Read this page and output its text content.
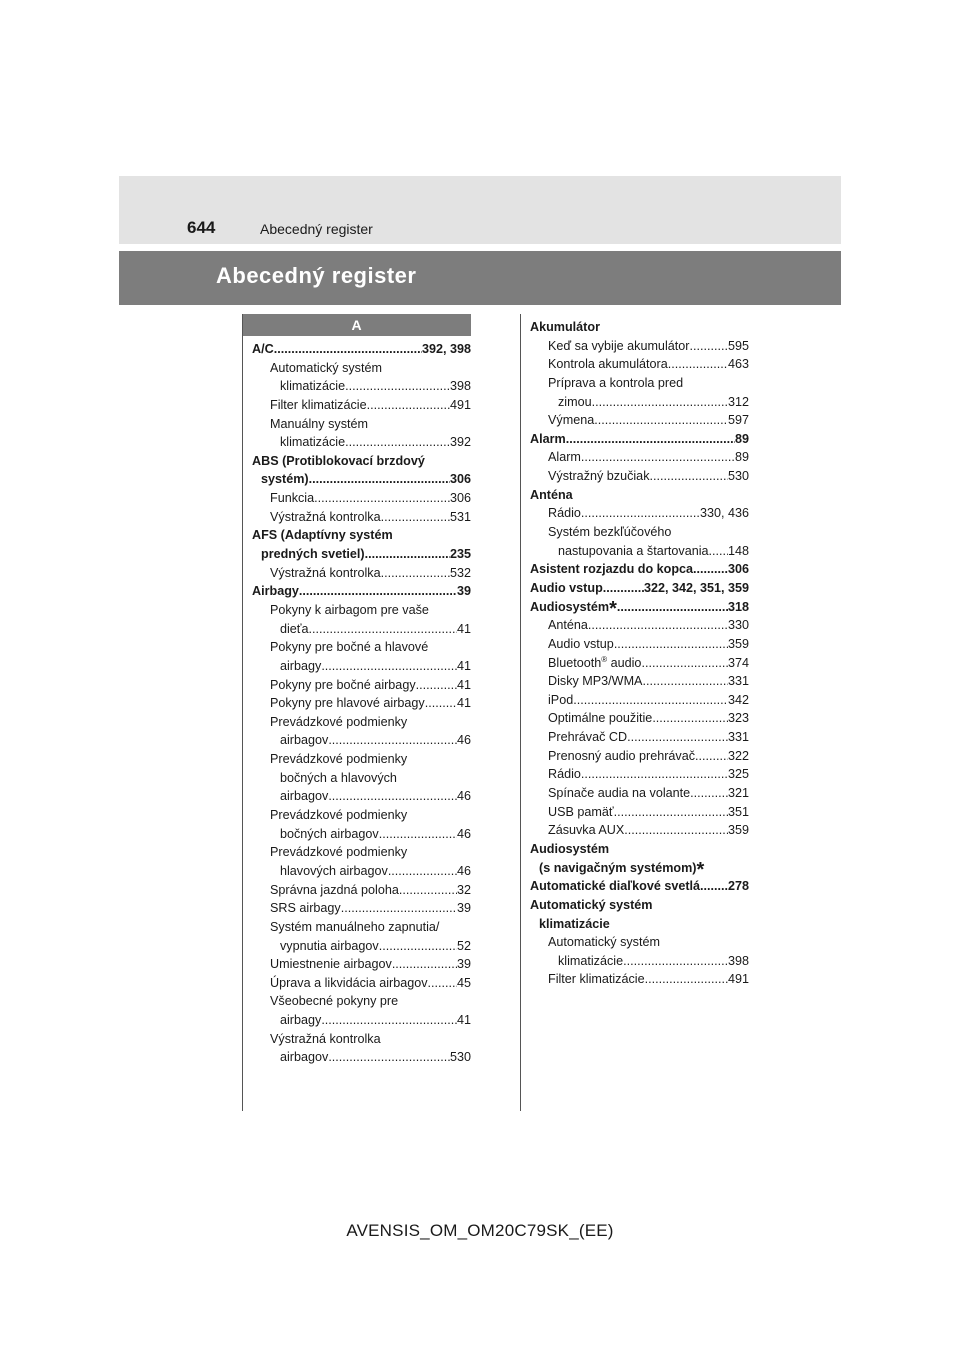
644	Abecedný register
Abecedný register
A
A/C .....	392, 398
Automatický systém
klimatizácie .....	398
Filter klimatizácie .....	491
Manuálny systém
klimatizácie .....	392
ABS (Protiblokovací brzdový
systém) .....	306
Funkcia .....	306
Výstražná kontrolka .....	531
AFS (Adaptívny systém
predných svetiel) .....	235
Výstražná kontrolka .....	532
Airbagy .....	39
Pokyny k airbagom pre vaše
dieťa .....	41
Pokyny pre bočné a hlavové
airbagy .....	41
Pokyny pre bočné airbagy .....	41
Pokyny pre hlavové airbagy .....	41
Prevádzkové podmienky
airbagov .....	46
Prevádzkové podmienky
bočných a hlavových
airbagov .....	46
Prevádzkové podmienky
bočných airbagov .....	46
Prevádzkové podmienky
hlavových airbagov .....	46
Správna jazdná poloha .....	32
SRS airbagy .....	39
Systém manuálneho zapnutia/
vypnutia airbagov .....	52
Umiestnenie airbagov .....	39
Úprava a likvidácia airbagov ..... 45
Všeobecné pokyny pre
airbagy .....	41
Výstražná kontrolka
airbagov .....	530
Akumulátor
Keď sa vybije akumulátor .....	595
Kontrola akumulátora .....	463
Príprava a kontrola pred
zimou .....	312
Výmena .....	597
Alarm .....	89
Alarm .....	89
Výstražný bzučiak .....	530
Anténa
Rádio .....	330, 436
Systém bezkľúčového
nastupovania a štartovania ..... 148
Asistent rozjazdu do kopca .....	306
Audio vstup .....	322, 342, 351, 359
Audiosystém* .....	318
Anténa .....	330
Audio vstup .....	359
Bluetooth® audio .....	374
Disky MP3/WMA .....	331
iPod .....	342
Optimálne použitie .....	323
Prehrávač CD .....	331
Prenosný audio prehrávač .....	322
Rádio .....	325
Spínače audia na volante .....	321
USB pamäť .....	351
Zásuvka AUX .....	359
Audiosystém
(s navigačným systémom)*
Automatické diaľkové svetlá ..... 278
Automatický systém
klimatizácie
Automatický systém
klimatizácie .....	398
Filter klimatizácie .....	491
AVENSIS_OM_OM20C79SK_(EE)
